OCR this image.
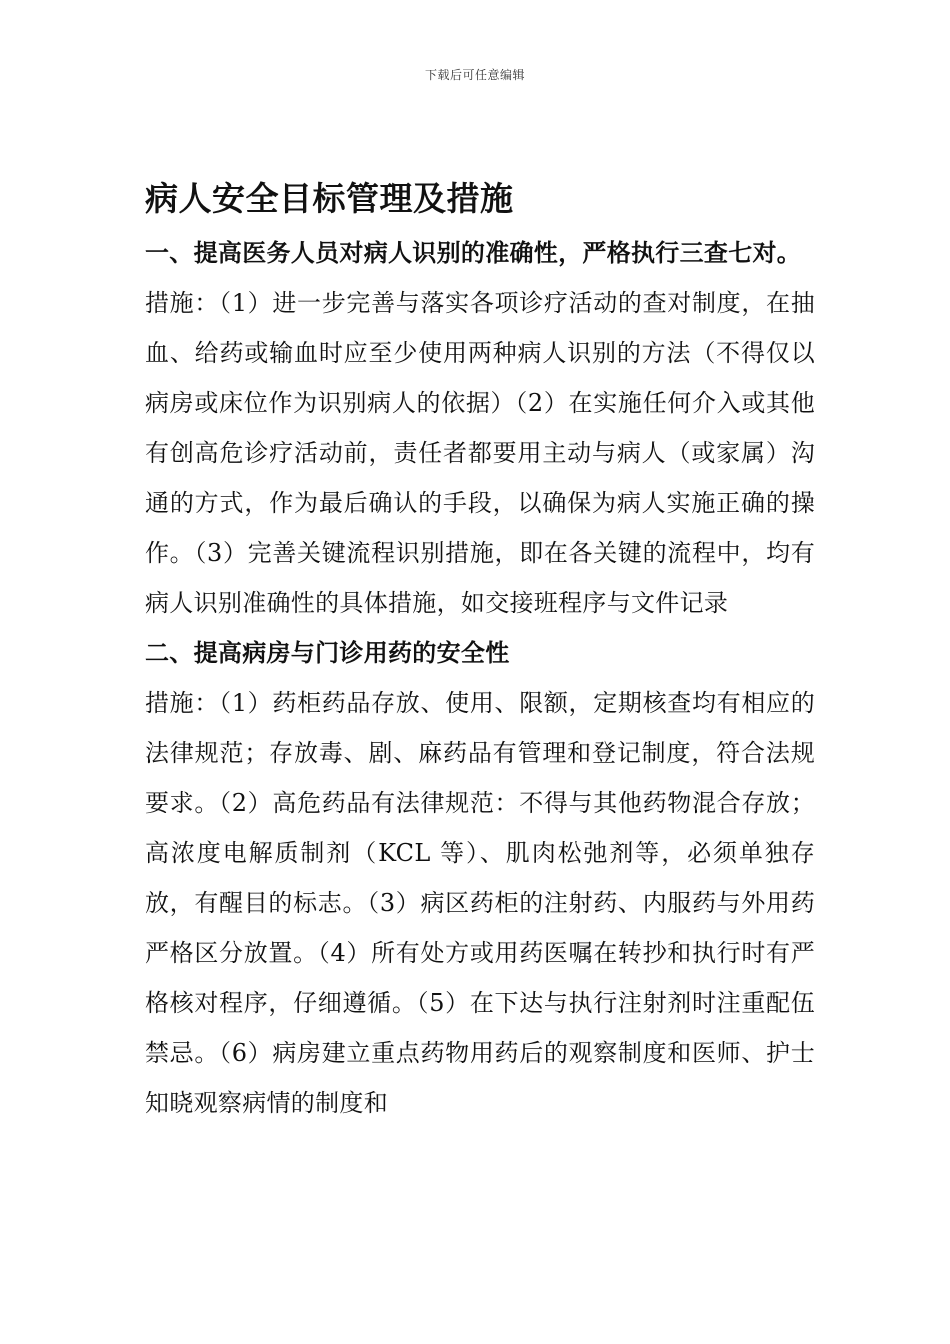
下载后可任意编辑
病人安全目标管理及措施

一、提高医务人员对病人识别的准确性，严格执行三查七对。

措施：（1）进一步完善与落实各项诊疗活动的查对制度，在抽血、给药或输血时应至少使用两种病人识别的方法（不得仅以病房或床位作为识别病人的依据）（2）在实施任何介入或其他有创高危诊疗活动前，责任者都要用主动与病人（或家属）沟通的方式，作为最后确认的手段，以确保为病人实施正确的操作。（3）完善关键流程识别措施，即在各关键的流程中，均有病人识别准确性的具体措施，如交接班程序与文件记录

二、提高病房与门诊用药的安全性

措施：（1）药柜药品存放、使用、限额，定期核查均有相应的法律规范；存放毒、剧、麻药品有管理和登记制度，符合法规要求。（2）高危药品有法律规范：不得与其他药物混合存放；高浓度电解质制剂（KCL 等）、肌肉松弛剂等，必须单独存放，有醒目的标志。（3）病区药柜的注射药、内服药与外用药严格区分放置。（4）所有处方或用药医嘱在转抄和执行时有严格核对程序，仔细遵循。（5）在下达与执行注射剂时注重配伍禁忌。（6）病房建立重点药物用药后的观察制度和医师、护士知晓观察病情的制度和
